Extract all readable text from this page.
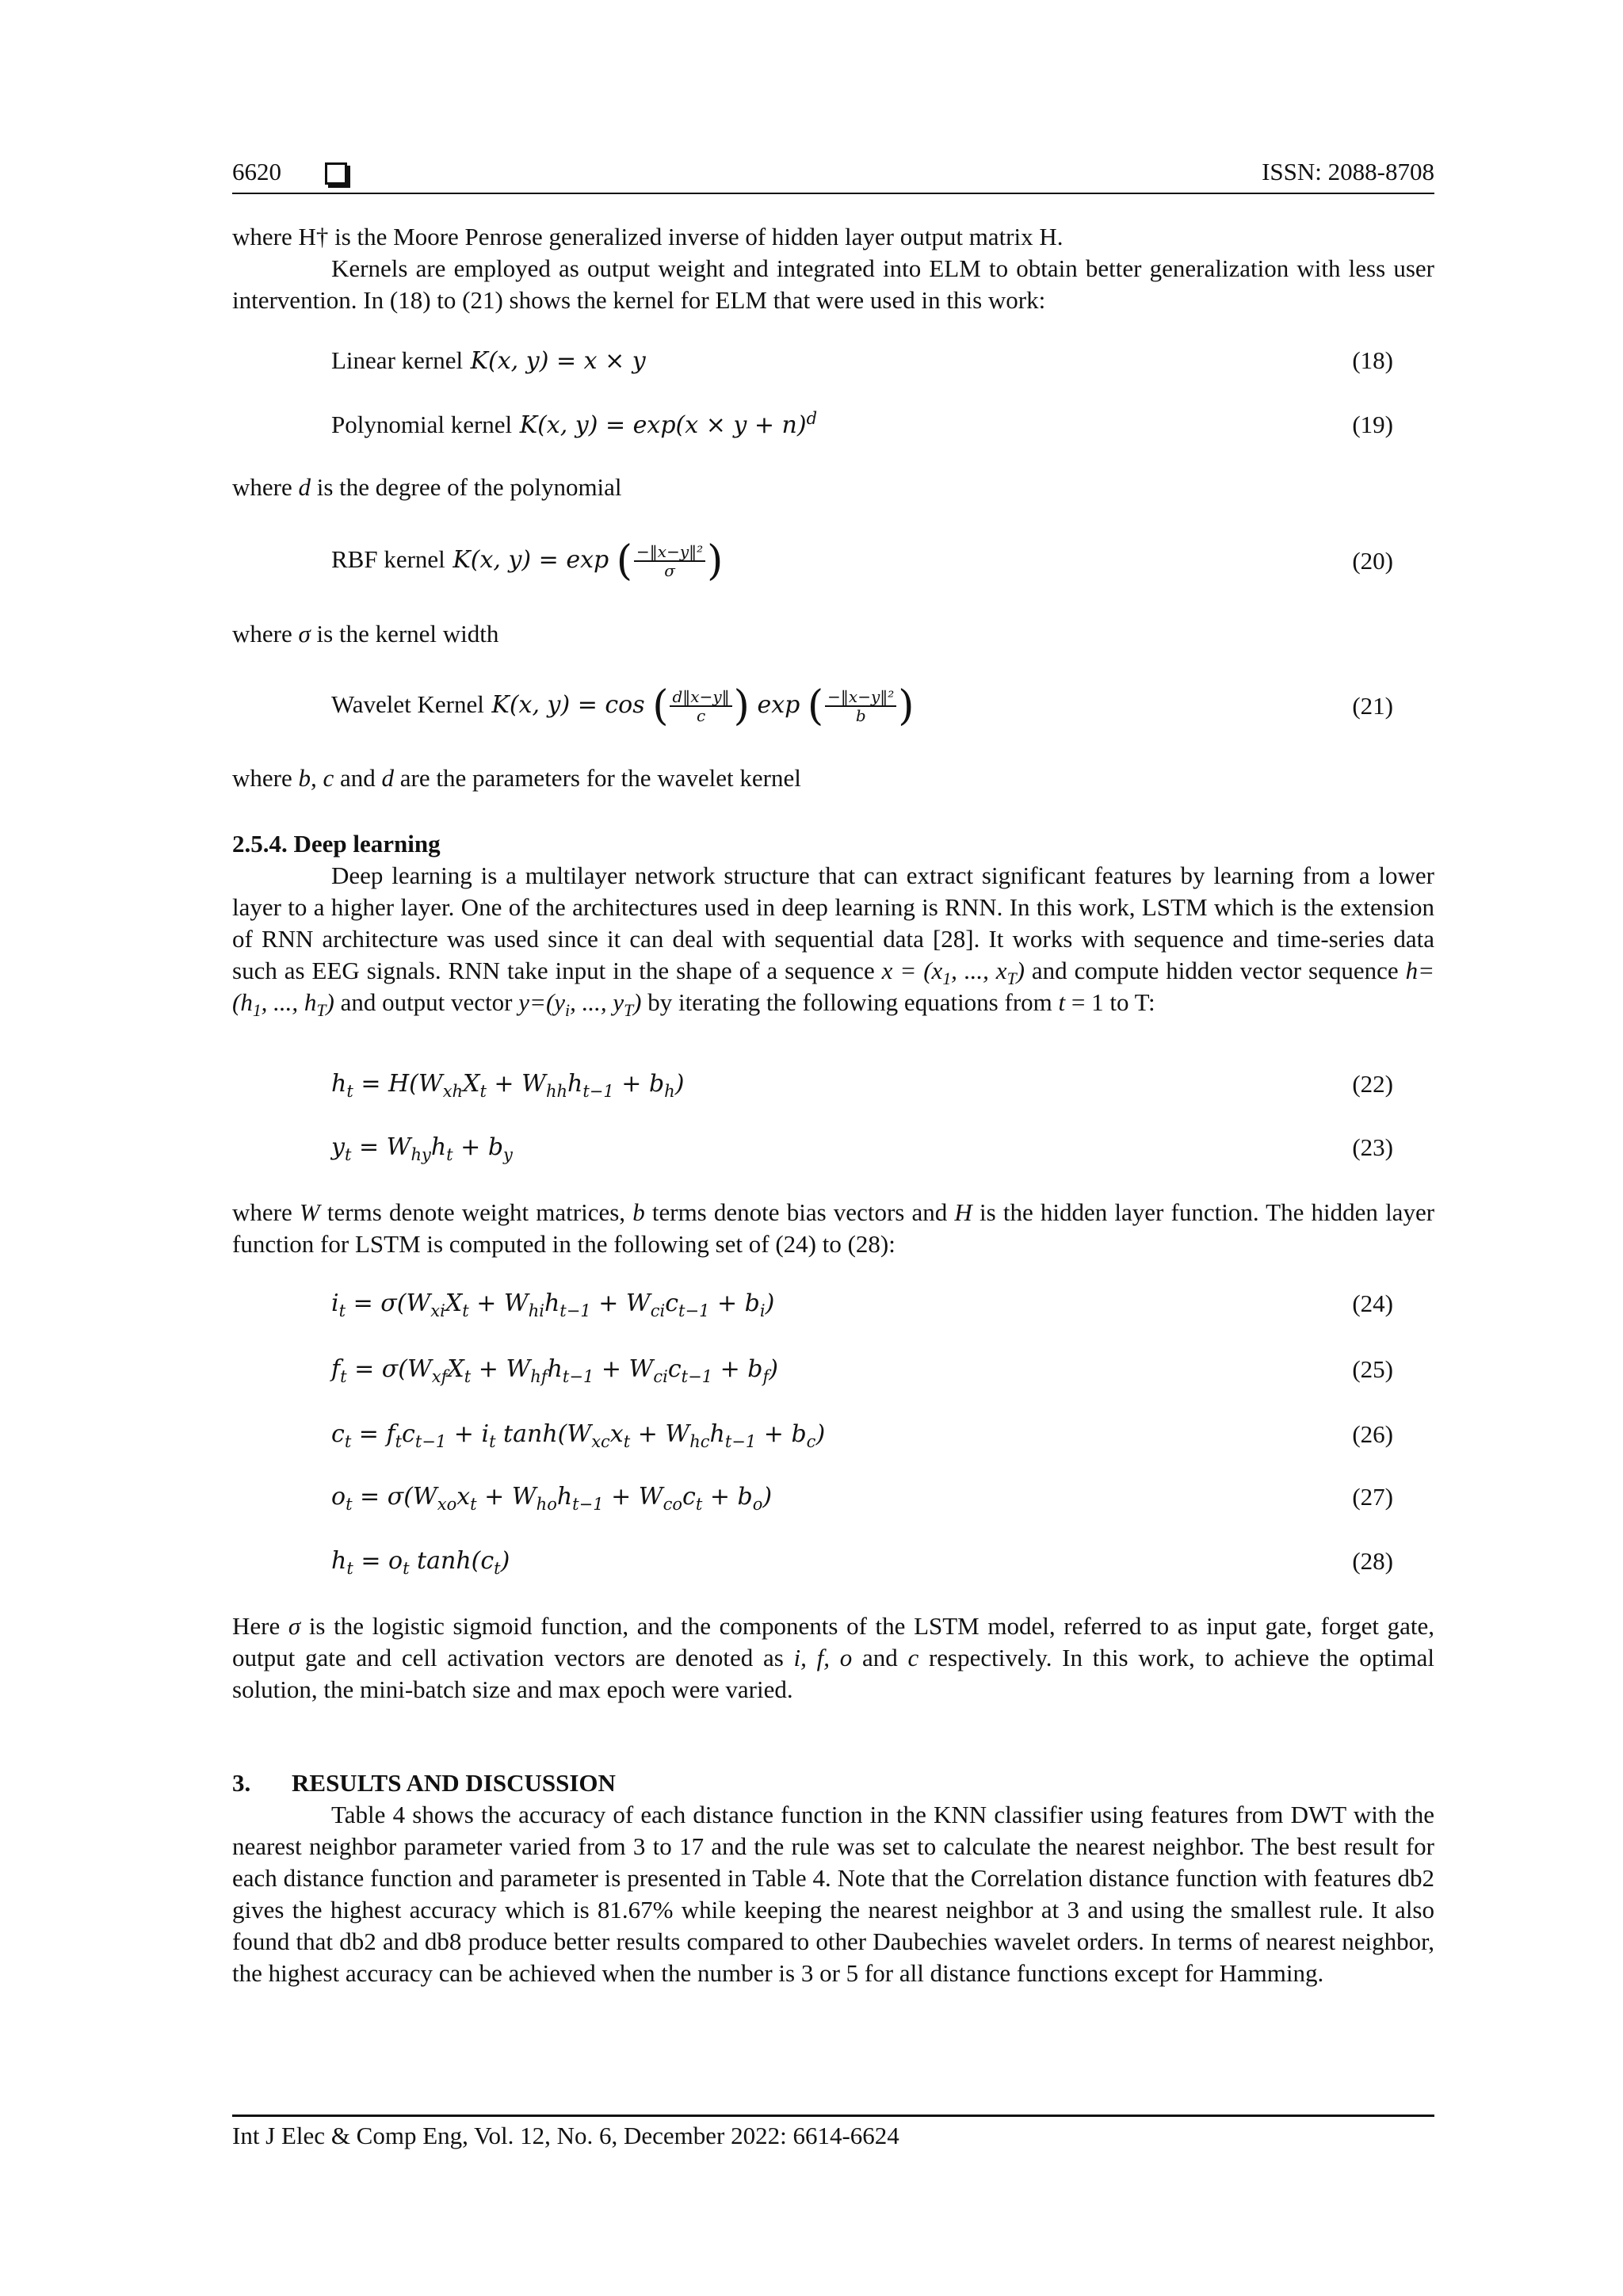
6620	ISSN: 2088-8708
where H† is the Moore Penrose generalized inverse of hidden layer output matrix H.
Kernels are employed as output weight and integrated into ELM to obtain better generalization with less user intervention. In (18) to (21) shows the kernel for ELM that were used in this work:
Linear kernel K(x, y) = x × y	(18)
Polynomial kernel K(x, $y) = \exp(x \times y + n)^d$	(19)
where d is the degree of the polynomial
RBF kernel K(x, y) = exp ( $\frac{\text{−‖x−y‖²}}{\sigma}$ )	(20)
where σ is the kernel width
Wavelet Kernel K(x, y) = cos ( $\frac{d‖x-y‖}{c}$ ) exp ( $\frac{\text{−‖x−y‖²}}{b}$ )	(21)
where b, c and d are the parameters for the wavelet kernel
2.5.4. Deep learning
Deep learning is a multilayer network structure that can extract significant features by learning from a lower layer to a higher layer. One of the architectures used in deep learning is RNN. In this work, LSTM which is the extension of RNN architecture was used since it can deal with sequential data [28]. It works with sequence and time-series data such as EEG signals. RNN take input in the shape of a sequence $x = (x_1$, ..., $x_T$) and compute hidden vector sequence $h=(h_1$, ..., $h_T$) and output vector $y=(y_i$, ..., $y_T$) by iterating the following equations from t = 1 to T:
$h_t = H(W_{xh}X_t + W_{hh}h_{t-1} + b_h)$	(22)
$y_t = W_{hy}h_t + b_y$	(23)
where W terms denote weight matrices, b terms denote bias vectors and H is the hidden layer function. The hidden layer function for LSTM is computed in the following set of (24) to (28):
$i_t = \sigma(W_{xi}X_t + W_{hi}h_{t-1} + W_{ci}c_{t-1} + b_i)$	(24)
$f_t = \sigma(W_{xf}X_t + W_{hf}h_{t-1} + W_{ci}c_{t-1} + b_f)$	(25)
$c_t = f_tc_{t-1} + i_t$ $\tanh(W_{xc}x_t + W_{hc}h_{t-1} + b_c)$	(26)
$o_t = \sigma(W_{xo}x_t + W_{ho}h_{t-1} + W_{co}c_t + b_o)$	(27)
$h_t = o_t$ $\tanh(c_t)$	(28)
Here σ is the logistic sigmoid function, and the components of the LSTM model, referred to as input gate, forget gate, output gate and cell activation vectors are denoted as i, f, o and c respectively. In this work, to achieve the optimal solution, the mini-batch size and max epoch were varied.
3. RESULTS AND DISCUSSION
Table 4 shows the accuracy of each distance function in the KNN classifier using features from DWT with the nearest neighbor parameter varied from 3 to 17 and the rule was set to calculate the nearest neighbor. The best result for each distance function and parameter is presented in Table 4. Note that the Correlation distance function with features db2 gives the highest accuracy which is 81.67% while keeping the nearest neighbor at 3 and using the smallest rule. It also found that db2 and db8 produce better results compared to other Daubechies wavelet orders. In terms of nearest neighbor, the highest accuracy can be achieved when the number is 3 or 5 for all distance functions except for Hamming.
Int J Elec & Comp Eng, Vol. 12, No. 6, December 2022: 6614-6624
